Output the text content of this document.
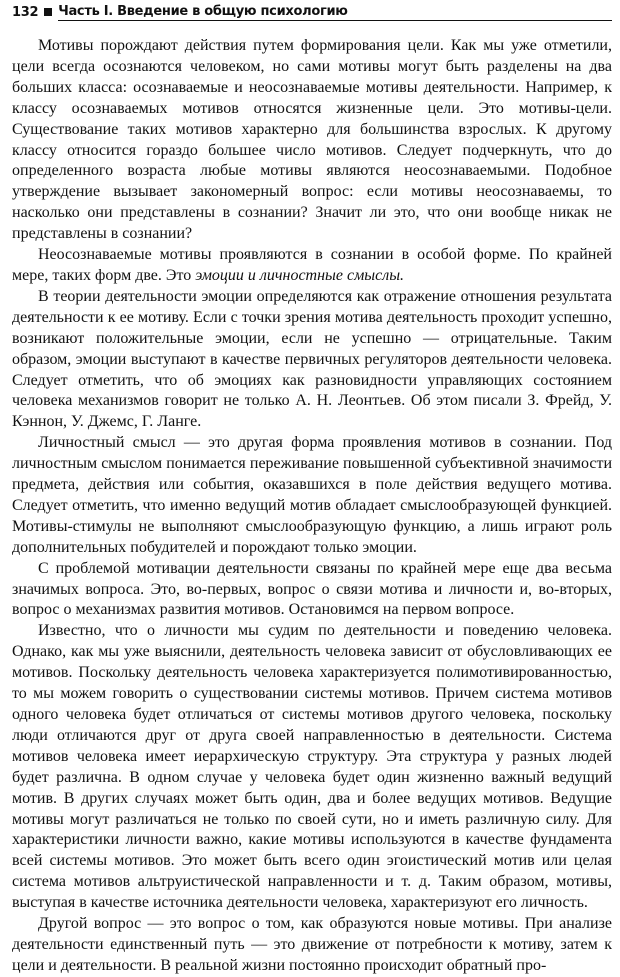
132 Часть I. Введение в общую психологию

Мотивы порождают действия путем формирования цели. Как мы уже отметили, цели всегда осознаются человеком, но сами мотивы могут быть разделены на два больших класса: осознаваемые и неосознаваемые мотивы деятельности. Например, к классу осознаваемых мотивов относятся жизненные цели. Это мотивы-цели. Существование таких мотивов характерно для большинства взрослых. К другому классу относится гораздо большее число мотивов. Следует подчеркнуть, что до определенного возраста любые мотивы являются неосознаваемыми. Подобное утверждение вызывает закономерный вопрос: если мотивы неосознаваемы, то насколько они представлены в сознании? Значит ли это, что они вообще никак не представлены в сознании?

Неосознаваемые мотивы проявляются в сознании в особой форме. По крайней мере, таких форм две. Это эмоции и личностные смыслы.

В теории деятельности эмоции определяются как отражение отношения результата деятельности к ее мотиву. Если с точки зрения мотива деятельность проходит успешно, возникают положительные эмоции, если не успешно — отрицательные. Таким образом, эмоции выступают в качестве первичных регуляторов деятельности человека. Следует отметить, что об эмоциях как разновидности управляющих состоянием человека механизмов говорит не только А. Н. Леонтьев. Об этом писали З. Фрейд, У. Кэннон, У. Джемс, Г. Ланге.

Личностный смысл — это другая форма проявления мотивов в сознании. Под личностным смыслом понимается переживание повышенной субъективной значимости предмета, действия или события, оказавшихся в поле действия ведущего мотива. Следует отметить, что именно ведущий мотив обладает смыслообразующей функцией. Мотивы-стимулы не выполняют смыслообразующую функцию, а лишь играют роль дополнительных побудителей и порождают только эмоции.

С проблемой мотивации деятельности связаны по крайней мере еще два весьма значимых вопроса. Это, во-первых, вопрос о связи мотива и личности и, во-вторых, вопрос о механизмах развития мотивов. Остановимся на первом вопросе.

Известно, что о личности мы судим по деятельности и поведению человека. Однако, как мы уже выяснили, деятельность человека зависит от обусловливающих ее мотивов. Поскольку деятельность человека характеризуется полимотивированностью, то мы можем говорить о существовании системы мотивов. Причем система мотивов одного человека будет отличаться от системы мотивов другого человека, поскольку люди отличаются друг от друга своей направленностью в деятельности. Система мотивов человека имеет иерархическую структуру. Эта структура у разных людей будет различна. В одном случае у человека будет один жизненно важный ведущий мотив. В других случаях может быть один, два и более ведущих мотивов. Ведущие мотивы могут различаться не только по своей сути, но и иметь различную силу. Для характеристики личности важно, какие мотивы используются в качестве фундамента всей системы мотивов. Это может быть всего один эгоистический мотив или целая система мотивов альтруистической направленности и т. д. Таким образом, мотивы, выступая в качестве источника деятельности человека, характеризуют его личность.

Другой вопрос — это вопрос о том, как образуются новые мотивы. При анализе деятельности единственный путь — это движение от потребности к мотиву, затем к цели и деятельности. В реальной жизни постоянно происходит обратный про-
